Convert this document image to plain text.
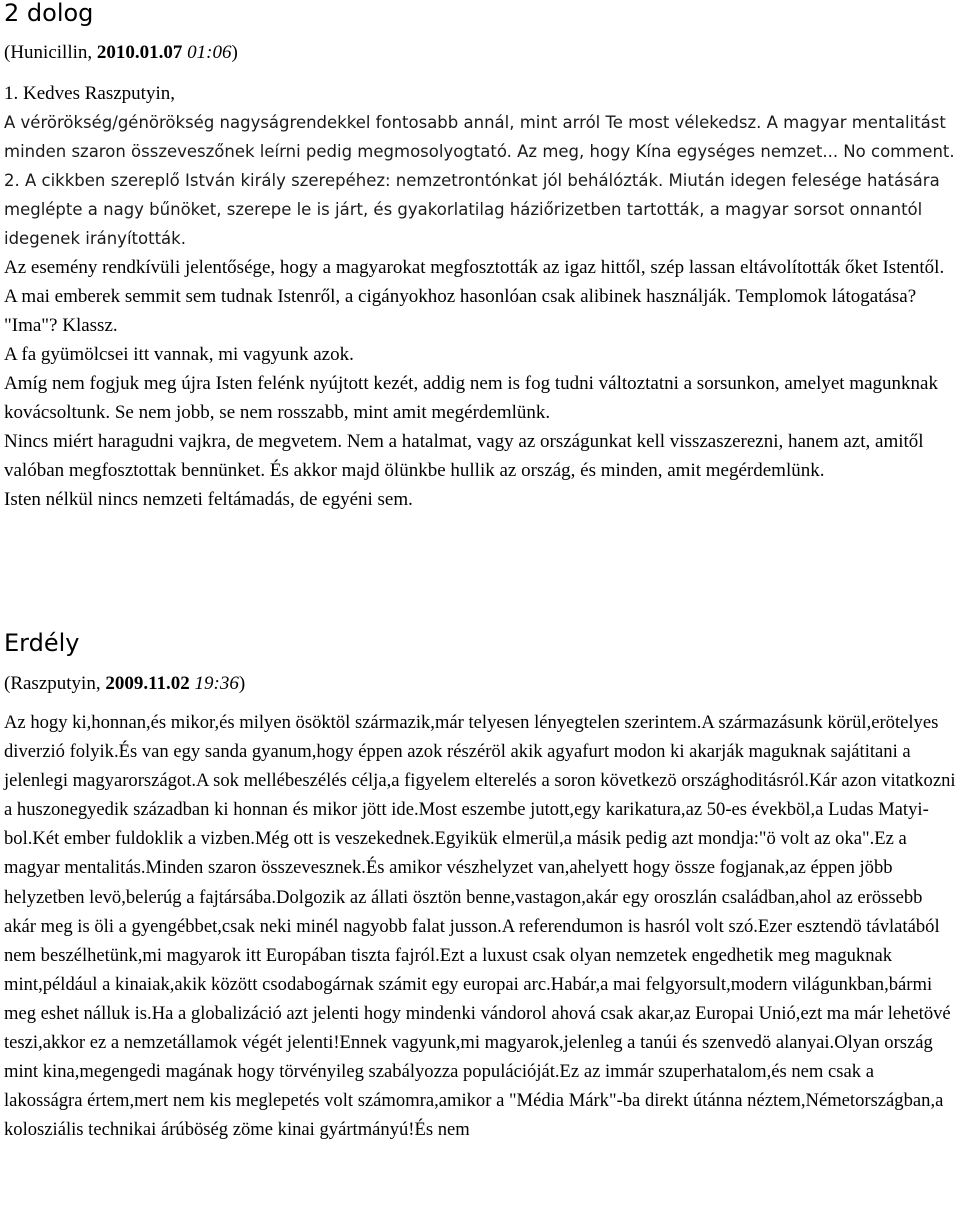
2 dolog
(Hunicillin, 2010.01.07 01:06)

1. Kedves Raszputyin,

A vérörökség/génörökség nagyságrendekkel fontosabb annál, mint arról Te most vélekedsz. A magyar mentalitást minden szaron összeveszőnek leírni pedig megmosolyogtató. Az meg, hogy Kína egységes nemzet... No comment.

2. A cikkben szereplő István király szerepéhez: nemzetrontónkat jól behálózták. Miután idegen felesége hatására meglépte a nagy bűnöket, szerepe le is járt, és gyakorlatilag háziőrizetben tartották, a magyar sorsot onnantól idegenek irányították.

Az esemény rendkívüli jelentősége, hogy a magyarokat megfosztották az igaz hittől, szép lassan eltávolították őket Istentől. A mai emberek semmit sem tudnak Istenről, a cigányokhoz hasonlóan csak alibinek használják. Templomok látogatása? "Ima"? Klassz.

A fa gyümölcsei itt vannak, mi vagyunk azok.

Amíg nem fogjuk meg újra Isten felénk nyújtott kezét, addig nem is fog tudni változtatni a sorsunkon, amelyet magunknak kovácsoltunk. Se nem jobb, se nem rosszabb, mint amit megérdemlünk.

Nincs miért haragudni vajkra, de megvetem. Nem a hatalmat, vagy az országunkat kell visszaszerezni, hanem azt, amitől valóban megfosztottak bennünket. És akkor majd ölünkbe hullik az ország, és minden, amit megérdemlünk.

Isten nélkül nincs nemzeti feltámadás, de egyéni sem.

Erdély
(Raszputyin, 2009.11.02 19:36)

Az hogy ki,honnan,és mikor,és milyen ösöktöl származik,már telyesen lényegtelen szerintem.A származásunk körül,erötelyes diverzió folyik.És van egy sanda gyanum,hogy éppen azok részéröl akik agyafurt modon ki akarják maguknak sajátitani a jelenlegi magyarországot.A sok mellébeszélés célja,a figyelem elterelés a soron következö országhoditásról.Kár azon vitatkozni a huszonegyedik században ki honnan és mikor jött ide.Most eszembe jutott,egy karikatura,az 50-es évekböl,a Ludas Matyi-bol.Két ember fuldoklik a vizben.Még ott is veszekednek.Egyikük elmerül,a másik pedig azt mondja:"ö volt az oka".Ez a magyar mentalitás.Minden szaron összevesznek.És amikor vészhelyzet van,ahelyett hogy össze fogjanak,az éppen jöbb helyzetben levö,belerúg a fajtársába.Dolgozik az állati ösztön benne,vastagon,akár egy oroszlán családban,ahol az erössebb akár meg is öli a gyengébbet,csak neki minél nagyobb falat jusson.A referendumon is hasról volt szó.Ezer esztendö távlatából nem beszélhetünk,mi magyarok itt Europában tiszta fajról.Ezt a luxust csak olyan nemzetek engedhetik meg maguknak mint,például a kinaiak,akik között csodabogárnak számit egy europai arc.Habár,a mai felgyorsult,modern világunkban,bármi meg eshet nálluk is.Ha a globalizáció azt jelenti hogy mindenki vándorol ahová csak akar,az Europai Unió,ezt ma már lehetövé teszi,akkor ez a nemzetállamok végét jelenti!Ennek vagyunk,mi magyarok,jelenleg a tanúi és szenvedö alanyai.Olyan ország mint kina,megengedi magának hogy törvényileg szabályozza populációját.Ez az immár szuperhatalom,és nem csak a lakosságra értem,mert nem kis meglepetés volt számomra,amikor a "Média Márk"-ba direkt útánna néztem,Németországban,a kolosziális technikai árúböség zöme kinai gyártmányú!És nem
